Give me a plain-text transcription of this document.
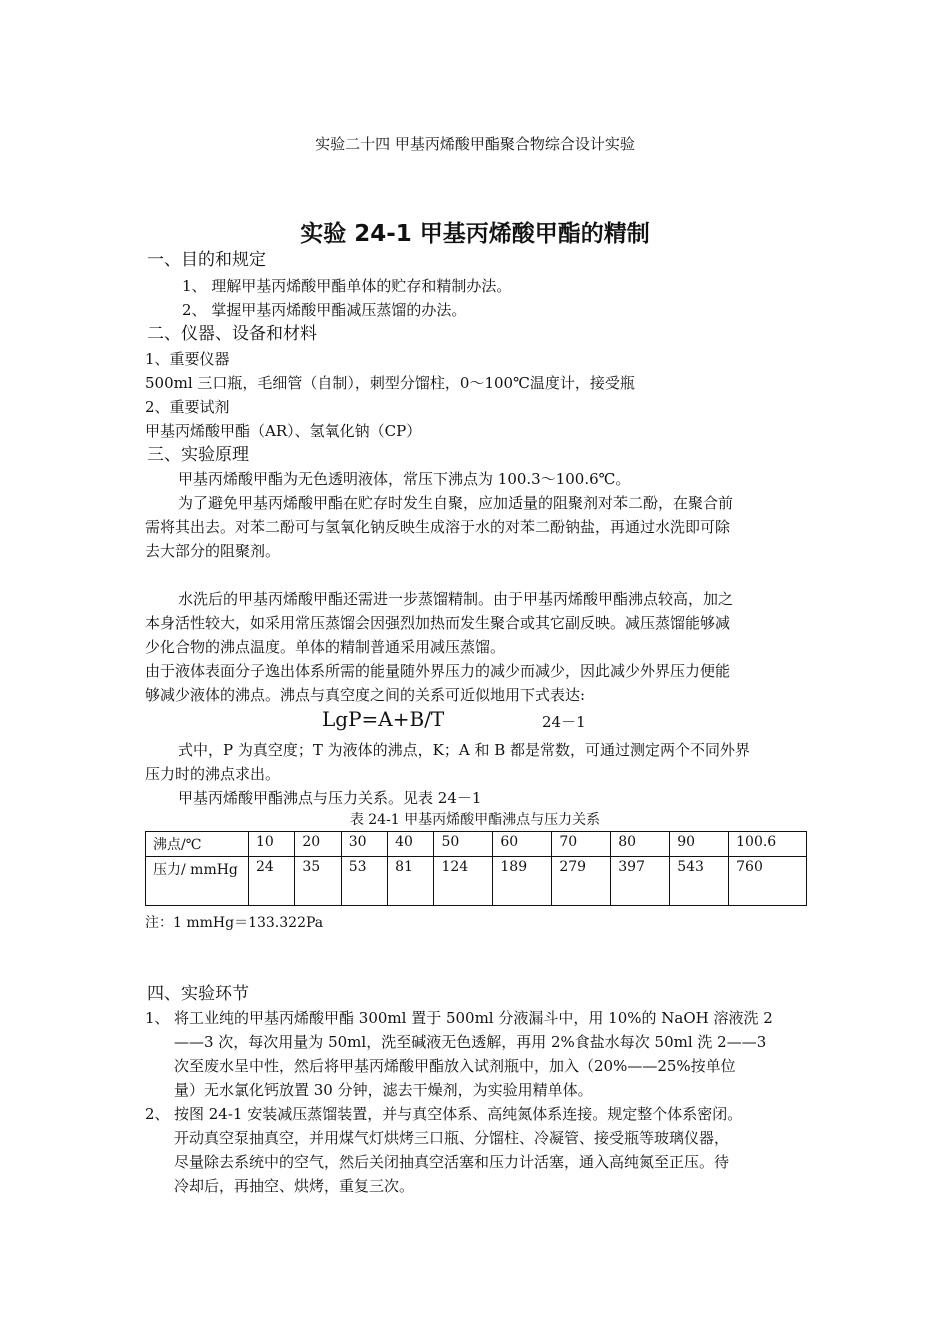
实验二十四 甲基丙烯酸甲酯聚合物综合设计实验
实验 24-1 甲基丙烯酸甲酯的精制
一、目的和规定
1、 理解甲基丙烯酸甲酯单体的贮存和精制办法。
2、 掌握甲基丙烯酸甲酯减压蒸馏的办法。
二、仪器、设备和材料
1、重要仪器
500ml 三口瓶，毛细管（自制），刺型分馏柱，0～100℃温度计，接受瓶
2、重要试剂
甲基丙烯酸甲酯（AR）、氢氧化钠（CP）
三、实验原理
甲基丙烯酸甲酯为无色透明液体，常压下沸点为 100.3～100.6℃。
为了避免甲基丙烯酸甲酯在贮存时发生自聚，应加适量的阻聚剂对苯二酚，在聚合前
需将其出去。对苯二酚可与氢氧化钠反映生成溶于水的对苯二酚钠盐，再通过水洗即可除
去大部分的阻聚剂。
水洗后的甲基丙烯酸甲酯还需进一步蒸馏精制。由于甲基丙烯酸甲酯沸点较高，加之
本身活性较大，如采用常压蒸馏会因强烈加热而发生聚合或其它副反映。减压蒸馏能够减
少化合物的沸点温度。单体的精制普通采用减压蒸馏。
由于液体表面分子逸出体系所需的能量随外界压力的减少而减少，因此减少外界压力便能
够减少液体的沸点。沸点与真空度之间的关系可近似地用下式表达:
LgP=A+B/T	24－1
式中，P 为真空度；T 为液体的沸点，K；A 和 B 都是常数，可通过测定两个不同外界
压力时的沸点求出。
甲基丙烯酸甲酯沸点与压力关系。见表 24－1
表 24-1 甲基丙烯酸甲酯沸点与压力关系
沸点/℃	10	20	30	40	50	60	70	80	90	100.6
压力/ mmHg	24	35	53	81	124	189	279	397	543	760
注：1 mmHg＝133.322Pa
四、实验环节
1、 将工业纯的甲基丙烯酸甲酯 300ml 置于 500ml 分液漏斗中，用 10%的 NaOH 溶液洗 2
——3 次，每次用量为 50ml，洗至碱液无色透解，再用 2%食盐水每次 50ml 洗 2——3
次至废水呈中性，然后将甲基丙烯酸甲酯放入试剂瓶中，加入（20%——25%按单位
量）无水氯化钙放置 30 分钟，滤去干燥剂，为实验用精单体。
2、 按图 24-1 安装减压蒸馏装置，并与真空体系、高纯氮体系连接。规定整个体系密闭。
开动真空泵抽真空，并用煤气灯烘烤三口瓶、分馏柱、冷凝管、接受瓶等玻璃仪器，
尽量除去系统中的空气，然后关闭抽真空活塞和压力计活塞，通入高纯氮至正压。待
冷却后，再抽空、烘烤，重复三次。
